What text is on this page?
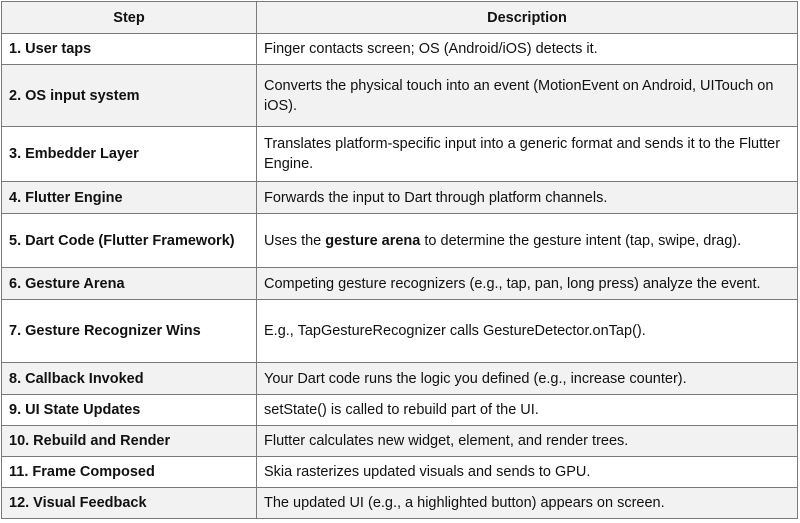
Step	Description
1. User taps	Finger contacts screen; OS (Android/iOS) detects it.
2. OS input system	Converts the physical touch into an event (MotionEvent on Android, UITouch on iOS).
3. Embedder Layer	Translates platform-specific input into a generic format and sends it to the Flutter Engine.
4. Flutter Engine	Forwards the input to Dart through platform channels.
5. Dart Code (Flutter Framework)	Uses the gesture arena to determine the gesture intent (tap, swipe, drag).
6. Gesture Arena	Competing gesture recognizers (e.g., tap, pan, long press) analyze the event.
7. Gesture Recognizer Wins	E.g., TapGestureRecognizer calls GestureDetector.onTap().
8. Callback Invoked	Your Dart code runs the logic you defined (e.g., increase counter).
9. UI State Updates	setState() is called to rebuild part of the UI.
10. Rebuild and Render	Flutter calculates new widget, element, and render trees.
11. Frame Composed	Skia rasterizes updated visuals and sends to GPU.
12. Visual Feedback	The updated UI (e.g., a highlighted button) appears on screen.
